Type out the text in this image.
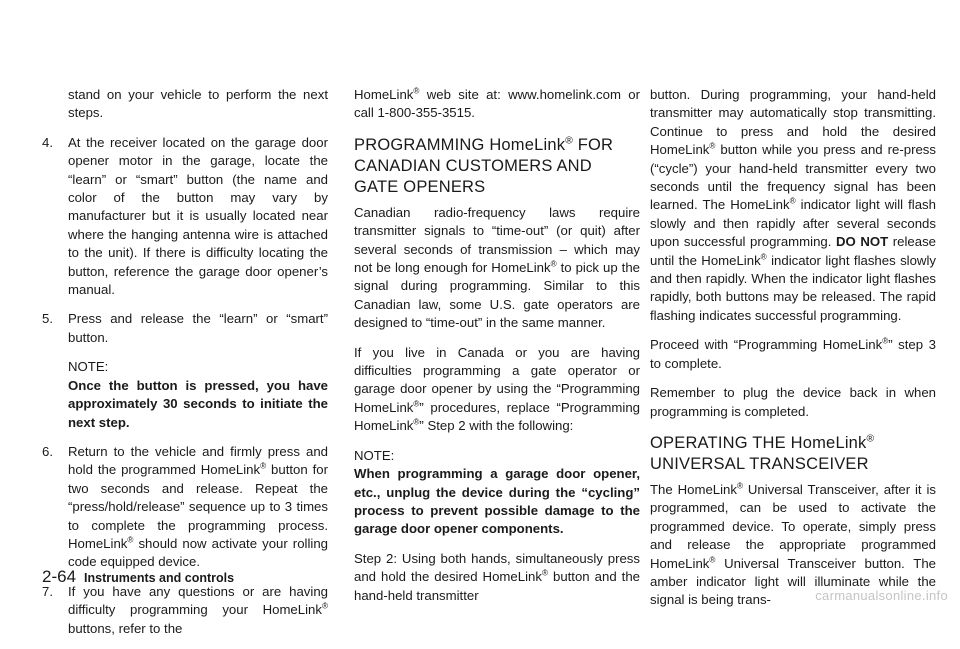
stand on your vehicle to perform the next steps.

4.	At the receiver located on the garage door opener motor in the garage, locate the “learn” or “smart” button (the name and color of the button may vary by manufacturer but it is usually located near where the hanging antenna wire is attached to the unit). If there is difficulty locating the button, reference the garage door opener’s manual.
5.	Press and release the “learn” or “smart” button.

NOTE:

Once the button is pressed, you have approximately 30 seconds to initiate the next step.

6.	Return to the vehicle and firmly press and hold the programmed HomeLink® button for two seconds and release. Repeat the “press/hold/release” sequence up to 3 times to complete the programming process. HomeLink® should now activate your rolling code equipped device.
7.	If you have any questions or are having difficulty programming your HomeLink® buttons, refer to the

HomeLink® web site at: www.homelink.com or call 1-800-355-3515.

PROGRAMMING HomeLink® FOR CANADIAN CUSTOMERS AND GATE OPENERS

Canadian radio-frequency laws require transmitter signals to “time-out” (or quit) after several seconds of transmission – which may not be long enough for HomeLink® to pick up the signal during programming. Similar to this Canadian law, some U.S. gate operators are designed to “time-out” in the same manner.

If you live in Canada or you are having difficulties programming a gate operator or garage door opener by using the “Programming HomeLink®” procedures, replace “Programming HomeLink®” Step 2 with the following:

NOTE:

When programming a garage door opener, etc., unplug the device during the “cycling” process to prevent possible damage to the garage door opener components.

Step 2: Using both hands, simultaneously press and hold the desired HomeLink® button and the hand-held transmitter

button. During programming, your hand-held transmitter may automatically stop transmitting. Continue to press and hold the desired HomeLink® button while you press and re-press (“cycle”) your hand-held transmitter every two seconds until the frequency signal has been learned. The HomeLink® indicator light will flash slowly and then rapidly after several seconds upon successful programming. DO NOT release until the HomeLink® indicator light flashes slowly and then rapidly. When the indicator light flashes rapidly, both buttons may be released. The rapid flashing indicates successful programming.

Proceed with “Programming HomeLink®” step 3 to complete.

Remember to plug the device back in when programming is completed.

OPERATING THE HomeLink® UNIVERSAL TRANSCEIVER

The HomeLink® Universal Transceiver, after it is programmed, can be used to activate the programmed device. To operate, simply press and release the appropriate programmed HomeLink® Universal Transceiver button. The amber indicator light will illuminate while the signal is being trans-

2-64 Instruments and controls
carmanualsonline.info
